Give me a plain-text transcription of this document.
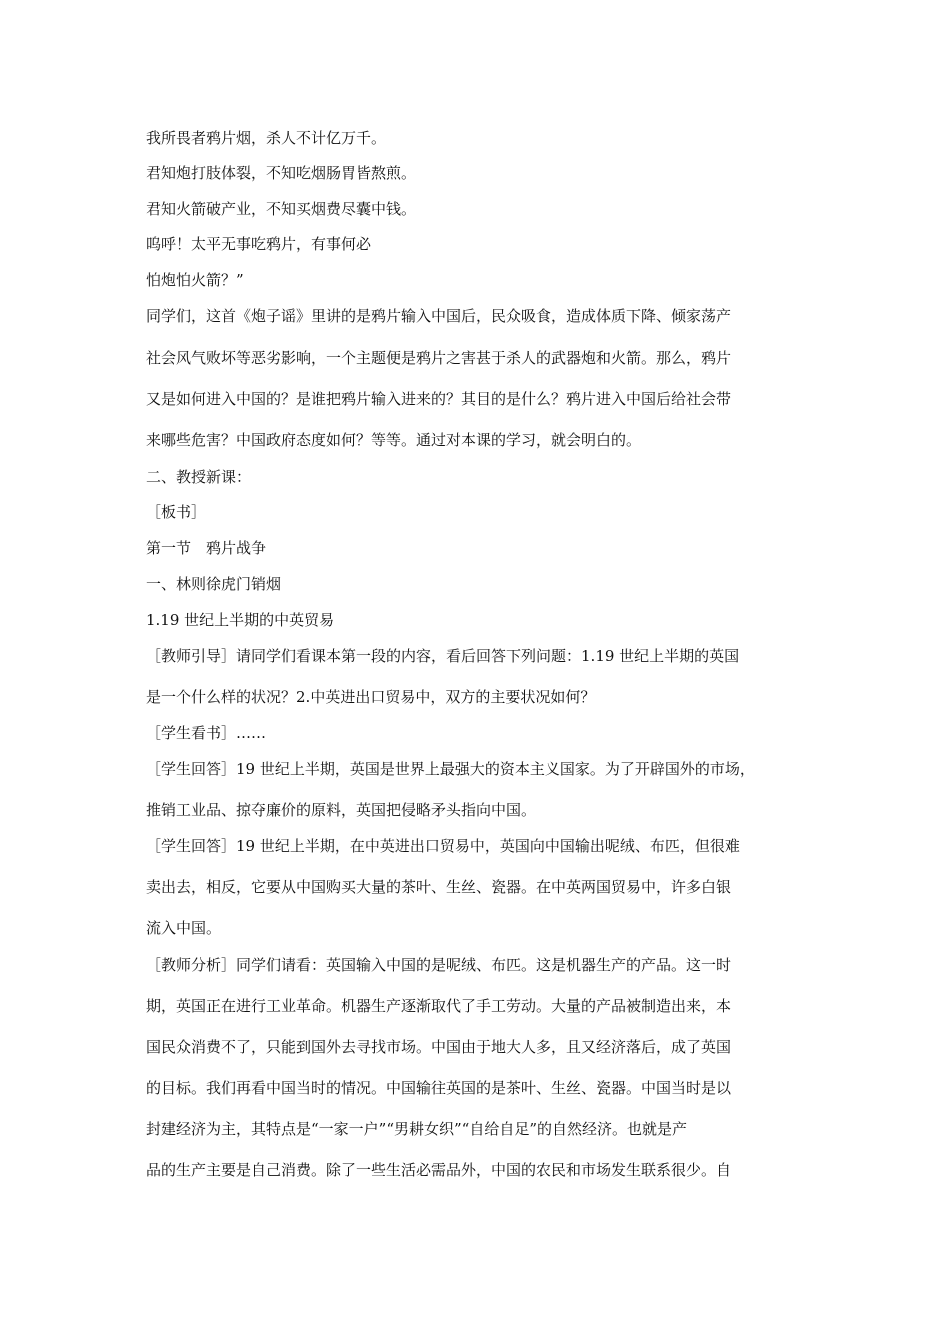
我所畏者鸦片烟，杀人不计亿万千。
君知炮打肢体裂，不知吃烟肠胃皆熬煎。
君知火箭破产业，不知买烟费尽囊中钱。
呜呼！太平无事吃鸦片，有事何必
怕炮怕火箭？”
同学们，这首《炮子谣》里讲的是鸦片输入中国后，民众吸食，造成体质下降、倾家荡产
社会风气败坏等恶劣影响，一个主题便是鸦片之害甚于杀人的武器炮和火箭。那么，鸦片
又是如何进入中国的？是谁把鸦片输入进来的？其目的是什么？鸦片进入中国后给社会带
来哪些危害？中国政府态度如何？等等。通过对本课的学习，就会明白的。
二、教授新课：
［板书］
第一节　鸦片战争
一、林则徐虎门销烟
1.19 世纪上半期的中英贸易
［教师引导］请同学们看课本第一段的内容，看后回答下列问题：1.19 世纪上半期的英国
是一个什么样的状况？2.中英进出口贸易中，双方的主要状况如何？
［学生看书］……
［学生回答］19 世纪上半期，英国是世界上最强大的资本主义国家。为了开辟国外的市场，
推销工业品、掠夺廉价的原料，英国把侵略矛头指向中国。
［学生回答］19 世纪上半期，在中英进出口贸易中，英国向中国输出呢绒、布匹，但很难
卖出去，相反，它要从中国购买大量的茶叶、生丝、瓷器。在中英两国贸易中，许多白银
流入中国。
［教师分析］同学们请看：英国输入中国的是呢绒、布匹。这是机器生产的产品。这一时
期，英国正在进行工业革命。机器生产逐渐取代了手工劳动。大量的产品被制造出来，本
国民众消费不了，只能到国外去寻找市场。中国由于地大人多，且又经济落后，成了英国
的目标。我们再看中国当时的情况。中国输往英国的是茶叶、生丝、瓷器。中国当时是以
封建经济为主，其特点是“一家一户”“男耕女织”“自给自足”的自然经济。也就是产
品的生产主要是自己消费。除了一些生活必需品外，中国的农民和市场发生联系很少。自
